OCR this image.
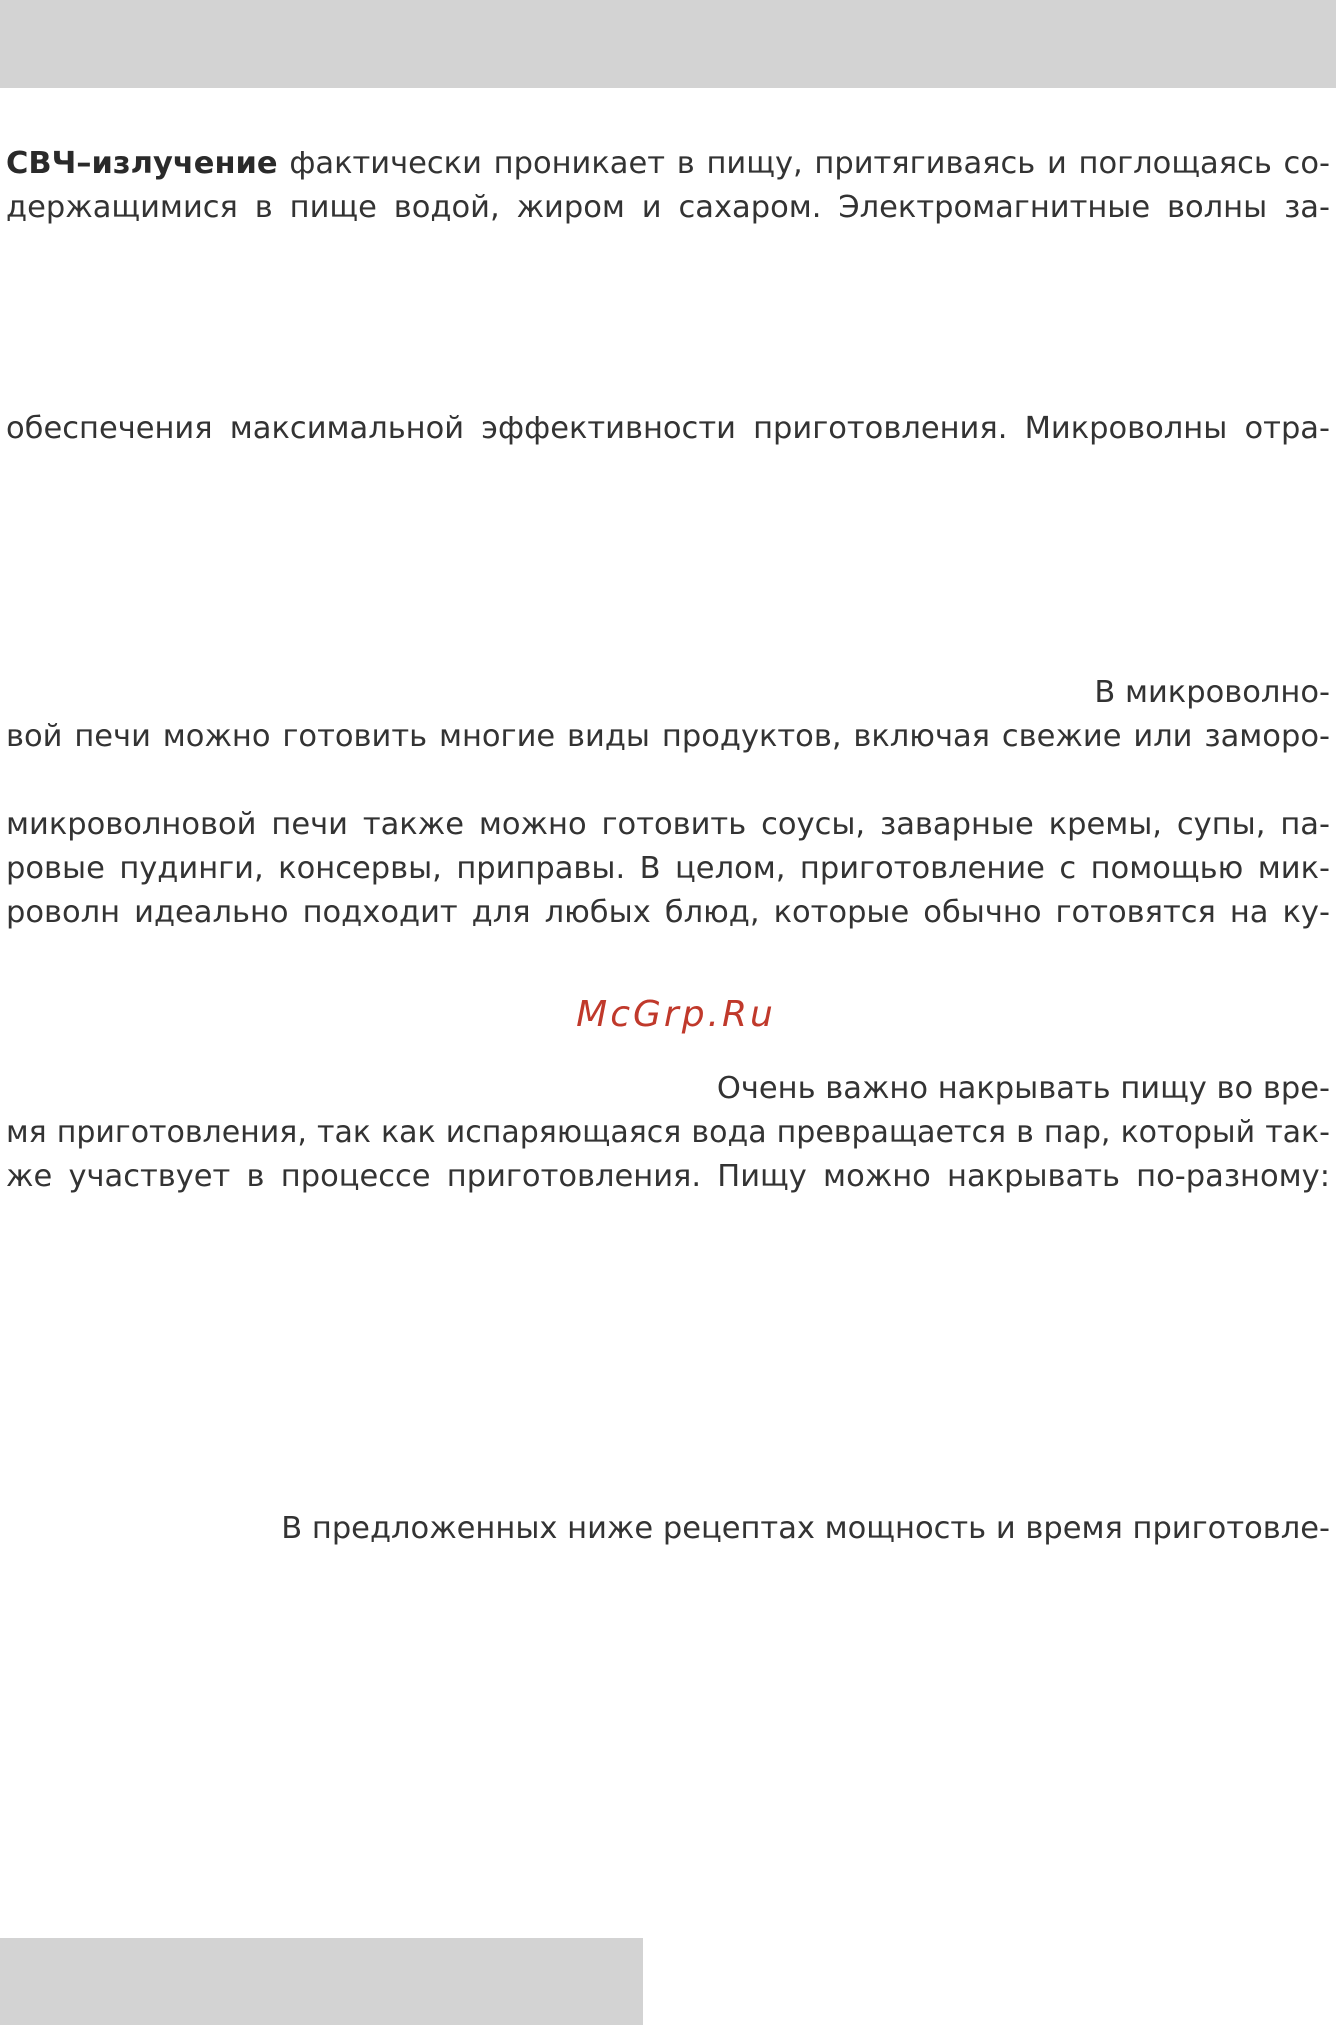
СВЧ–излучение фактически проникает в пищу, притягиваясь и поглощаясь со-
держащимися в пище водой, жиром и сахаром. Электромагнитные волны за-
обеспечения максимальной эффективности приготовления. Микроволны отра-
В микроволно-
вой печи можно готовить многие виды продуктов, включая свежие или заморо-
микроволновой печи также можно готовить соусы, заварные кремы, супы, па-
ровые пудинги, консервы, приправы. В целом, приготовление с помощью мик-
роволн идеально подходит для любых блюд, которые обычно готовятся на ку-
McGrp.Ru
Очень важно накрывать пищу во вре-
мя приготовления, так как испаряющаяся вода превращается в пар, который так-
же участвует в процессе приготовления. Пищу можно накрывать по-разному:
В предложенных ниже рецептах мощность и время приготовле-
